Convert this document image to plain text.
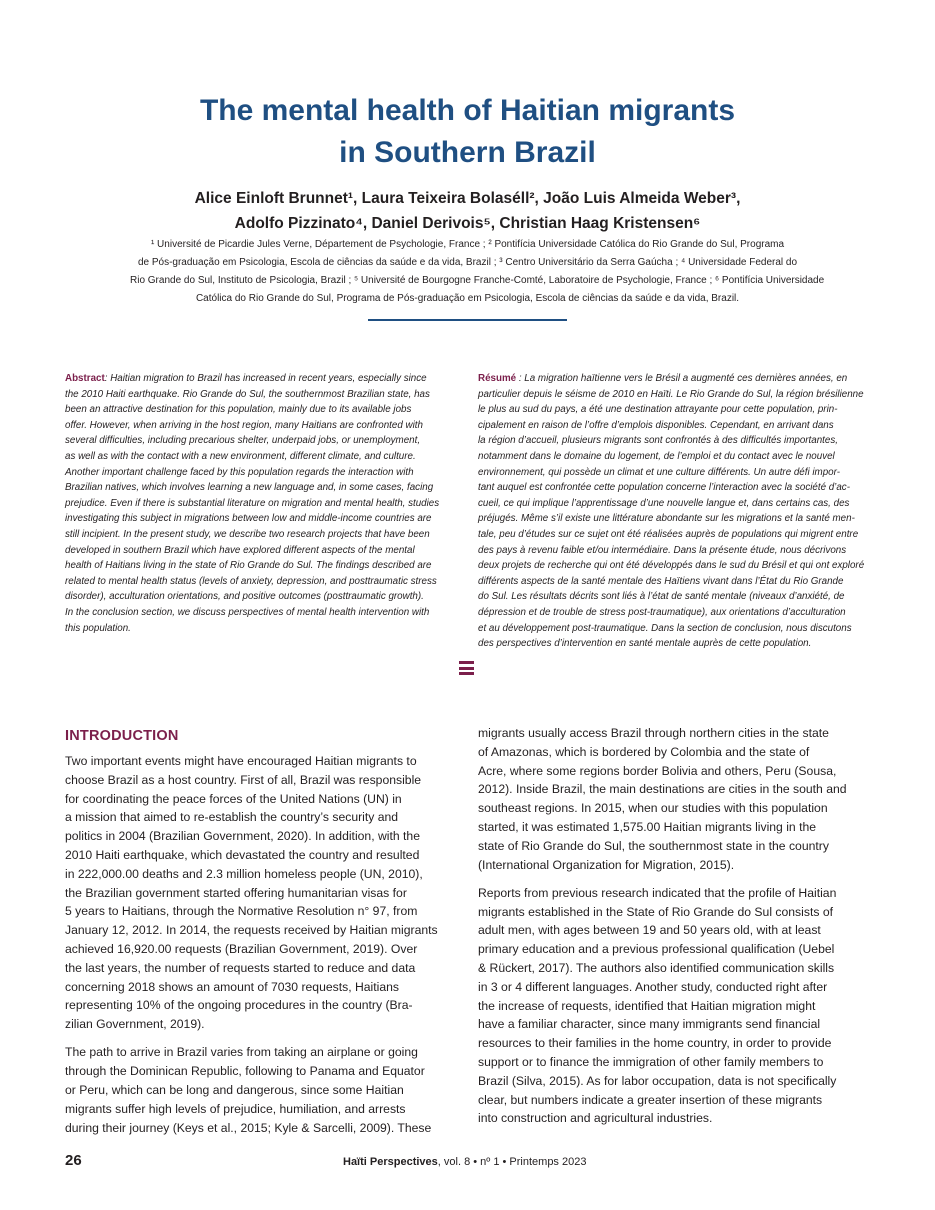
The mental health of Haitian migrants
in Southern Brazil
Alice Einloft Brunnet¹, Laura Teixeira Bolaséll², João Luis Almeida Weber³,
Adolfo Pizzinato⁴, Daniel Derivois⁵, Christian Haag Kristensen⁶
¹ Université de Picardie Jules Verne, Département de Psychologie, France ; ² Pontifícia Universidade Católica do Rio Grande do Sul, Programa
de Pós-graduação em Psicologia, Escola de ciências da saúde e da vida, Brazil ; ³ Centro Universitário da Serra Gaúcha ; ⁴ Universidade Federal do
Rio Grande do Sul, Instituto de Psicologia, Brazil ; ⁵ Université de Bourgogne Franche-Comté, Laboratoire de Psychologie, France ; ⁶ Pontifícia Universidade
Católica do Rio Grande do Sul, Programa de Pós-graduação em Psicologia, Escola de ciências da saúde e da vida, Brazil.
Abstract: Haitian migration to Brazil has increased in recent years, especially since
the 2010 Haiti earthquake. Rio Grande do Sul, the southernmost Brazilian state, has
been an attractive destination for this population, mainly due to its available jobs
offer. However, when arriving in the host region, many Haitians are confronted with
several difficulties, including precarious shelter, underpaid jobs, or unemployment,
as well as with the contact with a new environment, different climate, and culture.
Another important challenge faced by this population regards the interaction with
Brazilian natives, which involves learning a new language and, in some cases, facing
prejudice. Even if there is substantial literature on migration and mental health, studies
investigating this subject in migrations between low and middle-income countries are
still incipient. In the present study, we describe two research projects that have been
developed in southern Brazil which have explored different aspects of the mental
health of Haitians living in the state of Rio Grande do Sul. The findings described are
related to mental health status (levels of anxiety, depression, and posttraumatic stress
disorder), acculturation orientations, and positive outcomes (posttraumatic growth).
In the conclusion section, we discuss perspectives of mental health intervention with
this population.
Résumé : La migration haïtienne vers le Brésil a augmenté ces dernières années, en
particulier depuis le séisme de 2010 en Haïti. Le Rio Grande do Sul, la région brésilienne
le plus au sud du pays, a été une destination attrayante pour cette population, prin-
cipalement en raison de l’offre d’emplois disponibles. Cependant, en arrivant dans
la région d’accueil, plusieurs migrants sont confrontés à des difficultés importantes,
notamment dans le domaine du logement, de l’emploi et du contact avec le nouvel
environnement, qui possède un climat et une culture différents. Un autre défi impor-
tant auquel est confrontée cette population concerne l’interaction avec la société d’ac-
cueil, ce qui implique l’apprentissage d’une nouvelle langue et, dans certains cas, des
préjugés. Même s’il existe une littérature abondante sur les migrations et la santé men-
tale, peu d’études sur ce sujet ont été réalisées auprès de populations qui migrent entre
des pays à revenu faible et/ou intermédiaire. Dans la présente étude, nous décrivons
deux projets de recherche qui ont été développés dans le sud du Brésil et qui ont exploré
différents aspects de la santé mentale des Haïtiens vivant dans l’État du Rio Grande
do Sul. Les résultats décrits sont liés à l’état de santé mentale (niveaux d’anxiété, de
dépression et de trouble de stress post-traumatique), aux orientations d’acculturation
et au développement post-traumatique. Dans la section de conclusion, nous discutons
des perspectives d’intervention en santé mentale auprès de cette population.
INTRODUCTION
Two important events might have encouraged Haitian migrants to
choose Brazil as a host country. First of all, Brazil was responsible
for coordinating the peace forces of the United Nations (UN) in
a mission that aimed to re-establish the country’s security and
politics in 2004 (Brazilian Government, 2020). In addition, with the
2010 Haiti earthquake, which devastated the country and resulted
in 222,000.00 deaths and 2.3 million homeless people (UN, 2010),
the Brazilian government started offering humanitarian visas for
5 years to Haitians, through the Normative Resolution n° 97, from
January 12, 2012. In 2014, the requests received by Haitian migrants
achieved 16,920.00 requests (Brazilian Government, 2019). Over
the last years, the number of requests started to reduce and data
concerning 2018 shows an amount of 7030 requests, Haitians
representing 10% of the ongoing procedures in the country (Bra-
zilian Government, 2019).
The path to arrive in Brazil varies from taking an airplane or going
through the Dominican Republic, following to Panama and Equator
or Peru, which can be long and dangerous, since some Haitian
migrants suffer high levels of prejudice, humiliation, and arrests
during their journey (Keys et al., 2015; Kyle & Sarcelli, 2009). These
migrants usually access Brazil through northern cities in the state
of Amazonas, which is bordered by Colombia and the state of
Acre, where some regions border Bolivia and others, Peru (Sousa,
2012). Inside Brazil, the main destinations are cities in the south and
southeast regions. In 2015, when our studies with this population
started, it was estimated 1,575.00 Haitian migrants living in the
state of Rio Grande do Sul, the southernmost state in the country
(International Organization for Migration, 2015).
Reports from previous research indicated that the profile of Haitian
migrants established in the State of Rio Grande do Sul consists of
adult men, with ages between 19 and 50 years old, with at least
primary education and a previous professional qualification (Uebel
& Rückert, 2017). The authors also identified communication skills
in 3 or 4 different languages. Another study, conducted right after
the increase of requests, identified that Haitian migration might
have a familiar character, since many immigrants send financial
resources to their families in the home country, in order to provide
support or to finance the immigration of other family members to
Brazil (Silva, 2015). As for labor occupation, data is not specifically
clear, but numbers indicate a greater insertion of these migrants
into construction and agricultural industries.
26	Haïti Perspectives, vol. 8 • nº 1 • Printemps 2023
